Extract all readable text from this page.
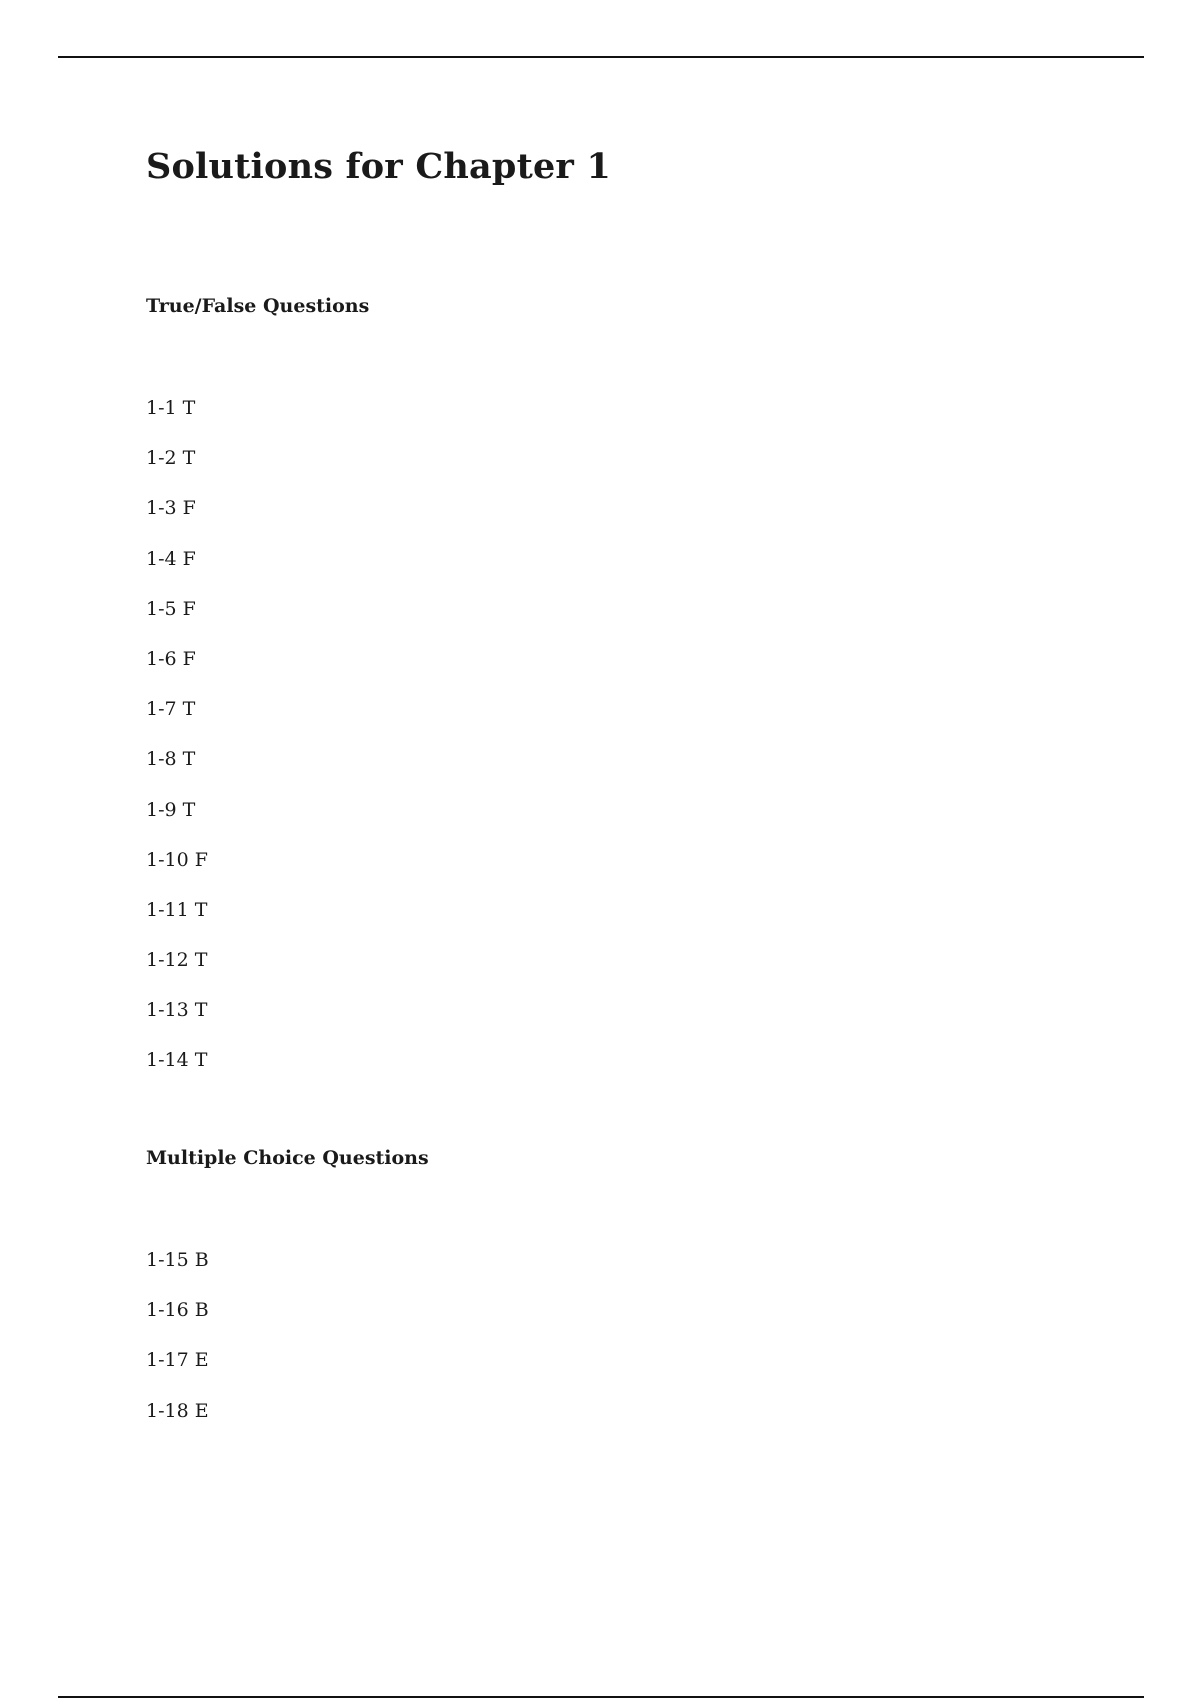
Solutions for Chapter 1
True/False Questions
1-1 T
1-2 T
1-3 F
1-4 F
1-5 F
1-6 F
1-7 T
1-8 T
1-9 T
1-10 F
1-11 T
1-12 T
1-13 T
1-14 T
Multiple Choice Questions
1-15 B
1-16 B
1-17 E
1-18 E
